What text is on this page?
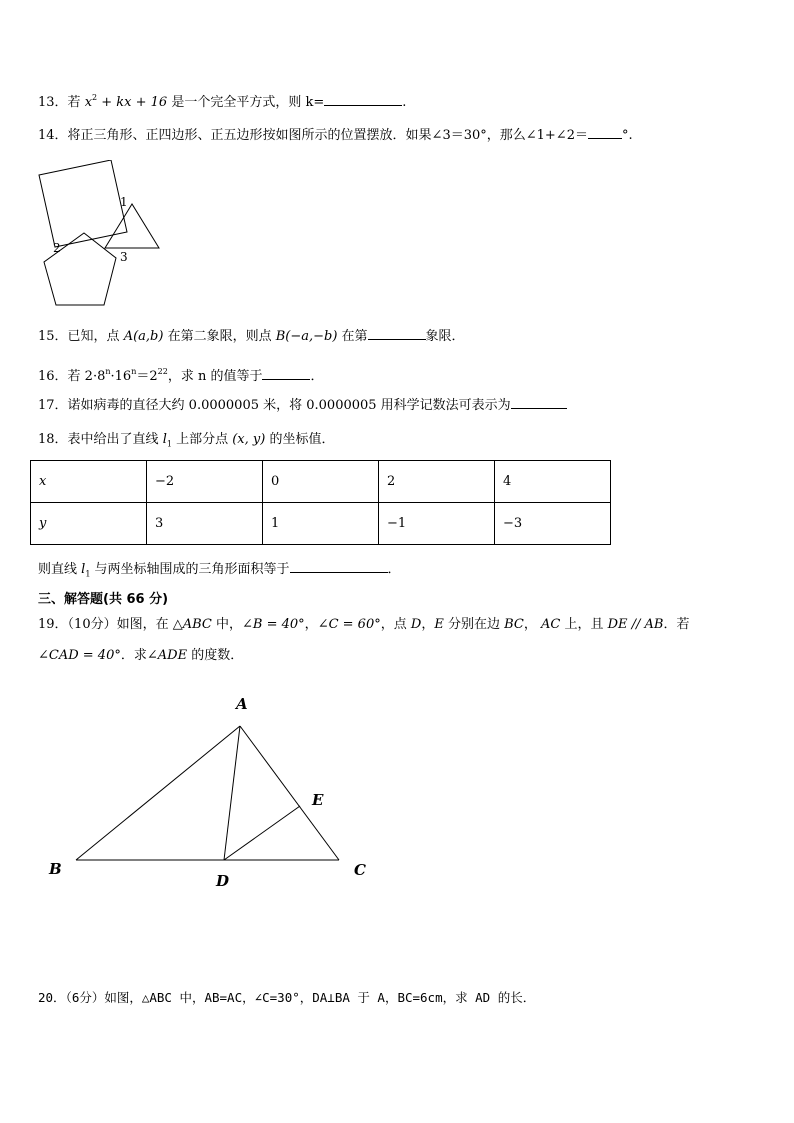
13．若 $x^2$ + kx + 16 是一个完全平方式，则 k=	.
14．将正三角形、正四边形、正五边形按如图所示的位置摆放．如果∠3＝30°，那么∠1+∠2＝	°.
1
2
3
15．已知，点 A(a,b) 在第二象限，则点 B(−a,−b) 在第	象限．
16．若 $2\cdot 8^n\cdot 16^n=2^{22}$，求 n 的值等于	．
17．诺如病毒的直径大约 0.0000005 米，将 0.0000005 用科学记数法可表示为
18．表中给出了直线 $l_1$ 上部分点 (x, y) 的坐标值．
x	−2	0	2	4
y	3	1	−1	−3
则直线 $l_1$ 与两坐标轴围成的三角形面积等于	．
三、解答题(共 66 分)
19．（10分）如图，在 △ABC 中，∠B = 40°，∠C = 60°，点 D，E 分别在边 BC， AC 上，且 DE // AB．若
∠CAD = 40°．求∠ADE 的度数．
A
B	C
D
E
20．（6分）如图，△ABC 中，AB=AC，∠C=30°，DA⊥BA 于 A，BC=6cm，求 AD 的长．
